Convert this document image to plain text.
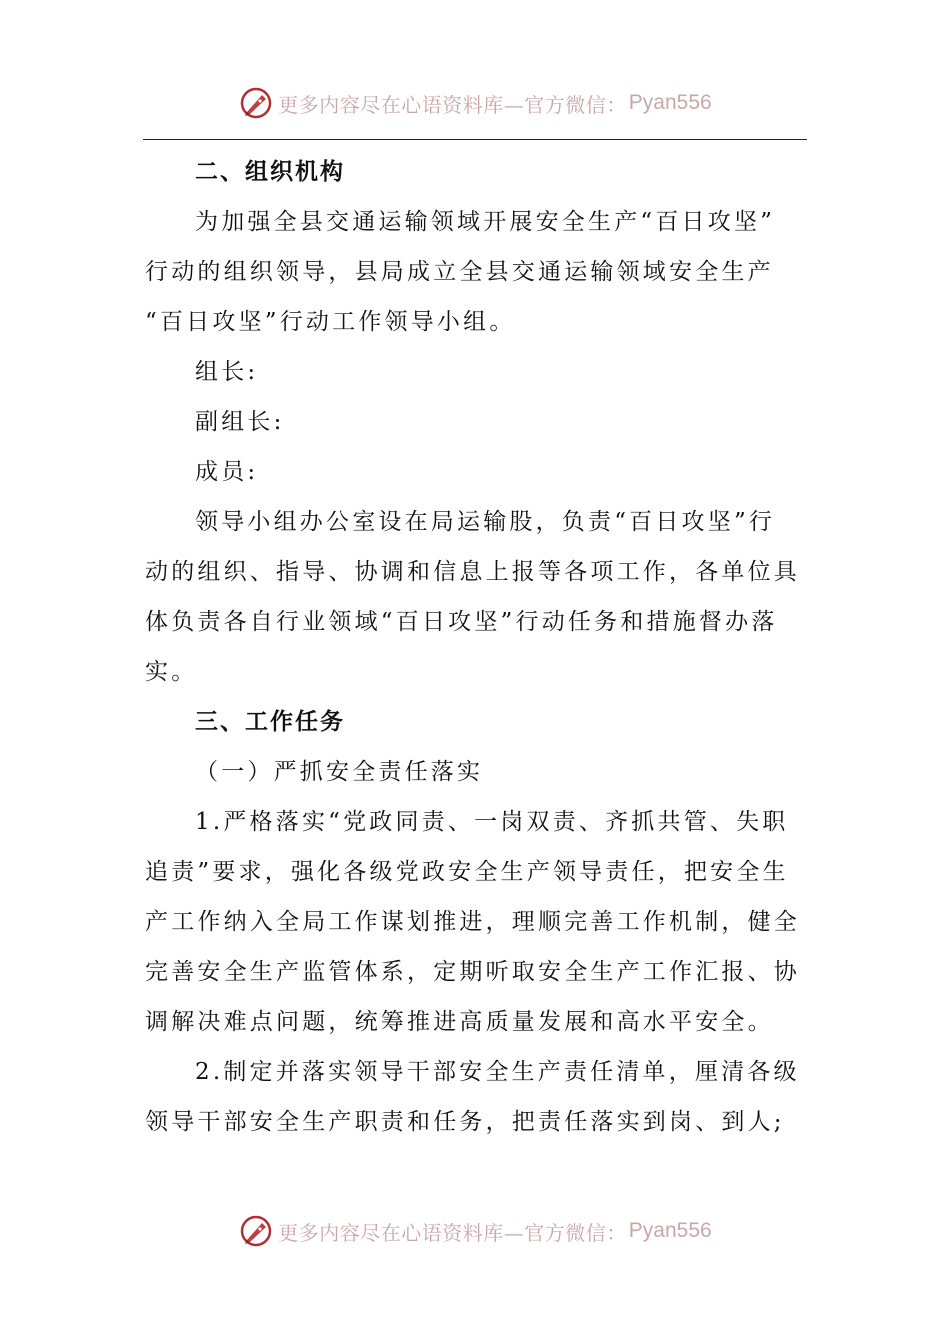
更多内容尽在心语资料库—官方微信： Pyan556
二、组织机构
为加强全县交通运输领域开展安全生产“百日攻坚”
行动的组织领导，县局成立全县交通运输领域安全生产
“百日攻坚”行动工作领导小组。
组长:
副组长:
成员:
领导小组办公室设在局运输股，负责“百日攻坚”行
动的组织、指导、协调和信息上报等各项工作，各单位具
体负责各自行业领域“百日攻坚”行动任务和措施督办落
实。
三、工作任务
（一）严抓安全责任落实
1.严格落实“党政同责、一岗双责、齐抓共管、失职
追责”要求，强化各级党政安全生产领导责任，把安全生
产工作纳入全局工作谋划推进，理顺完善工作机制，健全
完善安全生产监管体系，定期听取安全生产工作汇报、协
调解决难点问题，统筹推进高质量发展和高水平安全。
2.制定并落实领导干部安全生产责任清单，厘清各级
领导干部安全生产职责和任务，把责任落实到岗、到人;
更多内容尽在心语资料库—官方微信： Pyan556
